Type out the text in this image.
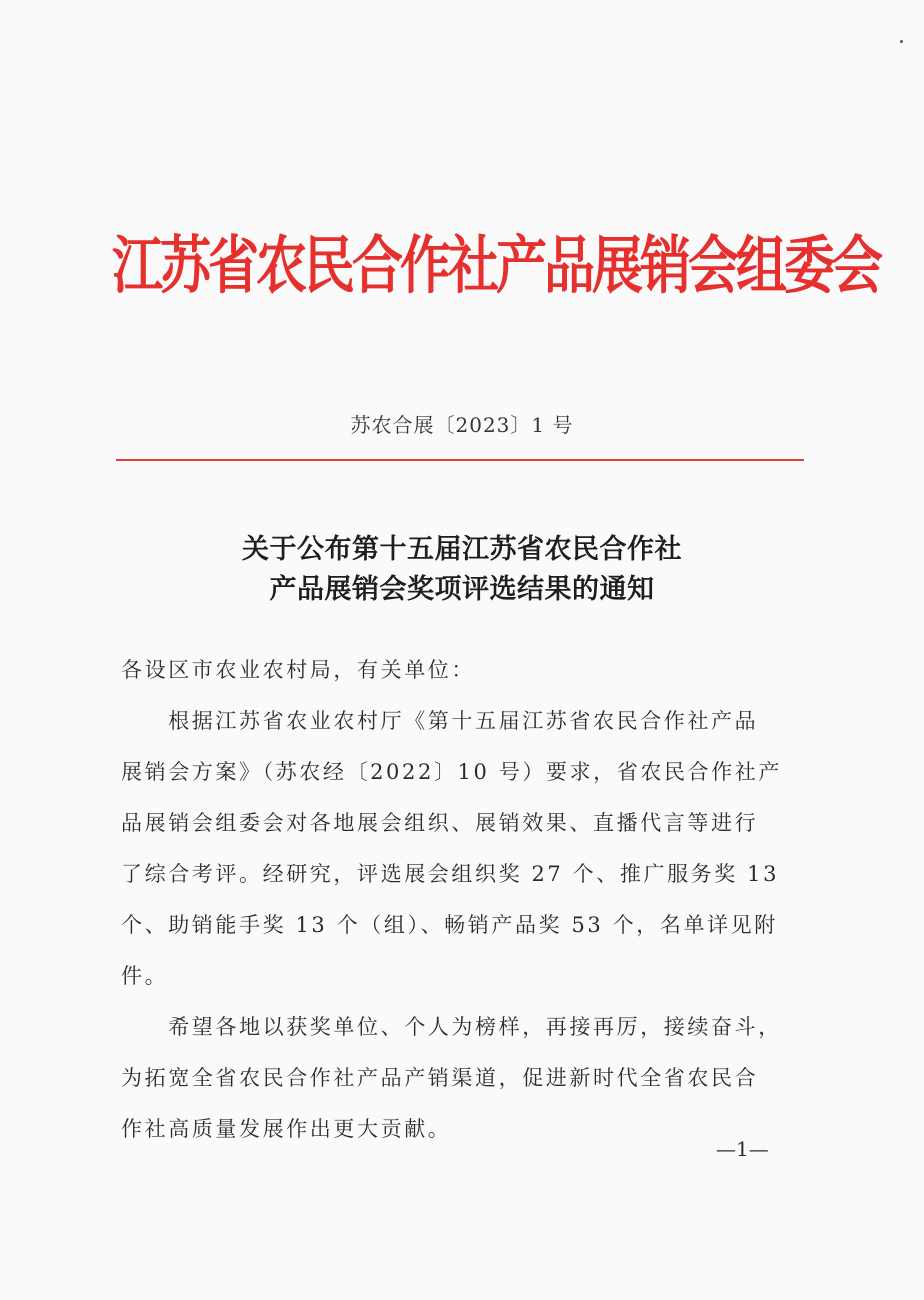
江苏省农民合作社产品展销会组委会
苏农合展〔2023〕1 号
关于公布第十五届江苏省农民合作社
产品展销会奖项评选结果的通知
各设区市农业农村局，有关单位：
　　根据江苏省农业农村厅《第十五届江苏省农民合作社产品
展销会方案》（苏农经〔2022〕10 号）要求，省农民合作社产
品展销会组委会对各地展会组织、展销效果、直播代言等进行
了综合考评。经研究，评选展会组织奖 27 个、推广服务奖 13
个、助销能手奖 13 个（组）、畅销产品奖 53 个，名单详见附
件。
　　希望各地以获奖单位、个人为榜样，再接再厉，接续奋斗，
为拓宽全省农民合作社产品产销渠道，促进新时代全省农民合
作社高质量发展作出更大贡献。
—1—
